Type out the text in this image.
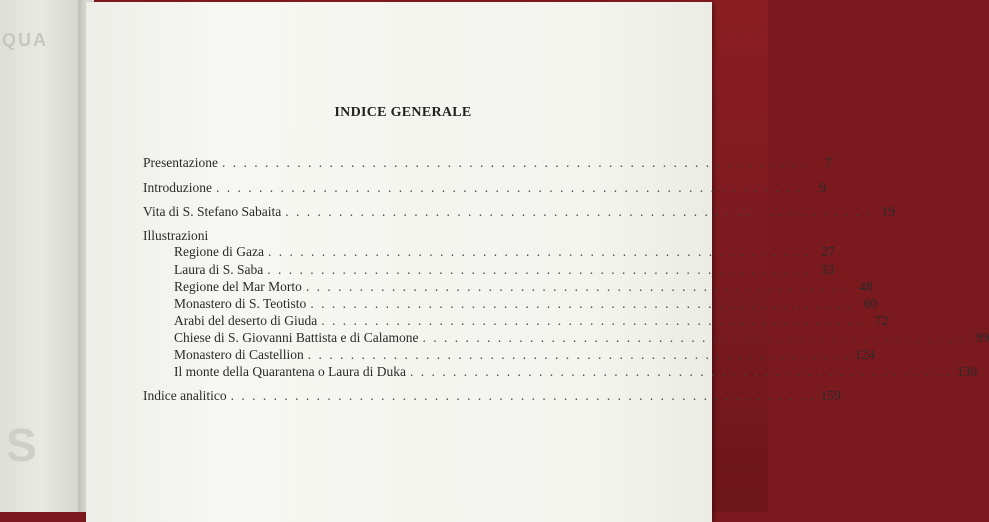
QUA
S
INDICE GENERALE
Presentazione . . . . . . . . . . . . . . . . . . . . . . . . . . . . . . . . . . . . . . . . . . . . . . . . . . . . . . .	7
Introduzione . . . . . . . . . . . . . . . . . . . . . . . . . . . . . . . . . . . . . . . . . . . . . . . . . . . . . . .	9
Vita di S. Stefano Sabaita . . . . . . . . . . . . . . . . . . . . . . . . . . . . . . . . . . . . . . . . . . . . . . . . . . . . . . . 19
Illustrazioni
Regione di Gaza . . . . . . . . . . . . . . . . . . . . . . . . . . . . . . . . . . . . . . . . . . . . . . . . . . . 27
Laura di S. Saba . . . . . . . . . . . . . . . . . . . . . . . . . . . . . . . . . . . . . . . . . . . . . . . . . . . 33
Regione del Mar Morto . . . . . . . . . . . . . . . . . . . . . . . . . . . . . . . . . . . . . . . . . . . . . . . . . . . 48
Monastero di S. Teotisto . . . . . . . . . . . . . . . . . . . . . . . . . . . . . . . . . . . . . . . . . . . . . . . . . . . 60
Arabi del deserto di Giuda . . . . . . . . . . . . . . . . . . . . . . . . . . . . . . . . . . . . . . . . . . . . . . . . . . . 72
Chiese di S. Giovanni Battista e di Calamone . . . . . . . . . . . . . . . . . . . . . . . . . . . . . . . . . . . . . . . . . . . . . . . . . . . 99
Monastero di Castellion . . . . . . . . . . . . . . . . . . . . . . . . . . . . . . . . . . . . . . . . . . . . . . . . . . . 124
Il monte della Quarantena o Laura di Duka . . . . . . . . . . . . . . . . . . . . . . . . . . . . . . . . . . . . . . . . . . . . . . . . . . . 130
Indice analitico . . . . . . . . . . . . . . . . . . . . . . . . . . . . . . . . . . . . . . . . . . . . . . . . . . . . . . . 159
